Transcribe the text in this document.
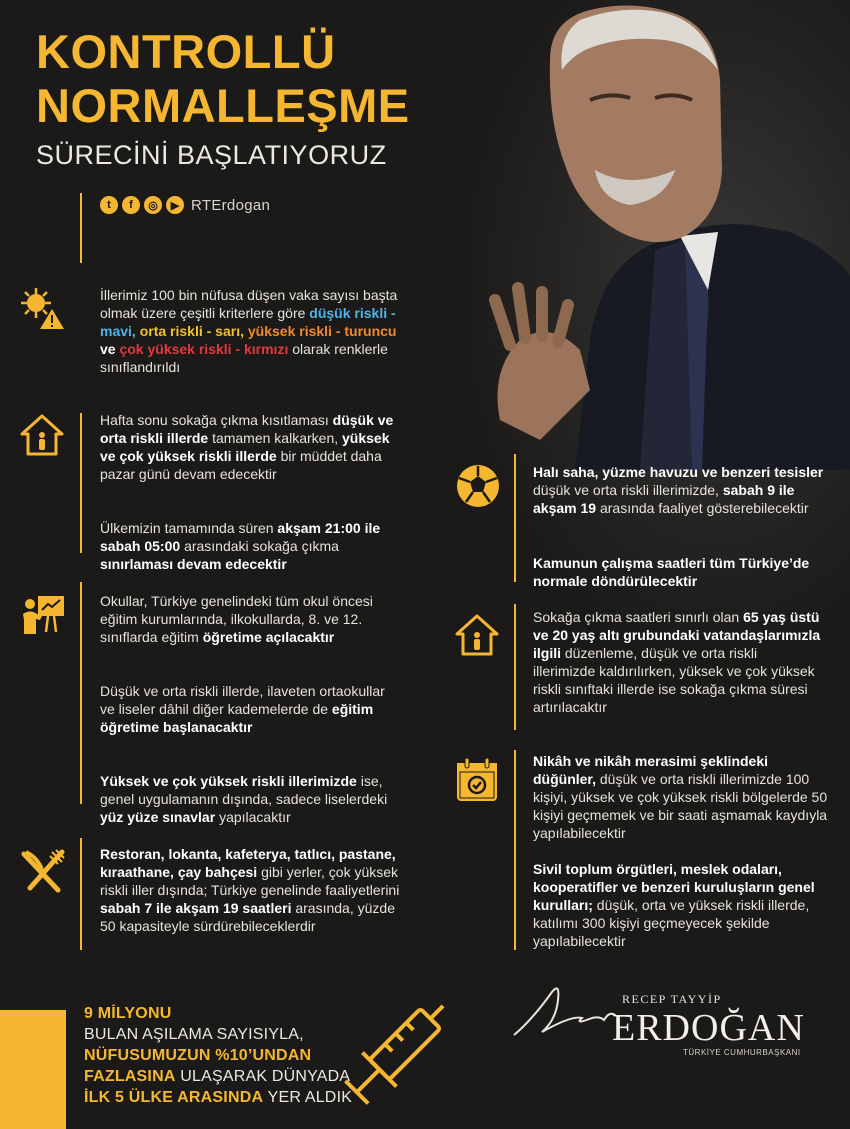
KONTROLLÜ
NORMALLEŞME
SÜRECİNİ BAŞLATIYORUZ
t	f	◎	▶ RTErdogan
İllerimiz 100 bin nüfusa düşen vaka sayısı başta olmak üzere çeşitli kriterlere göre düşük riskli - mavi, orta riskli - sarı, yüksek riskli - turuncu ve çok yüksek riskli - kırmızı olarak renklerle sınıflandırıldı
Hafta sonu sokağa çıkma kısıtlaması düşük ve orta riskli illerde tamamen kalkarken, yüksek ve çok yüksek riskli illerde bir müddet daha pazar günü devam edecektir
Ülkemizin tamamında süren akşam 21:00 ile sabah 05:00 arasındaki sokağa çıkma sınırlaması devam edecektir
Okullar, Türkiye genelindeki tüm okul öncesi eğitim kurumlarında, ilkokullarda, 8. ve 12. sınıflarda eğitim öğretime açılacaktır
Düşük ve orta riskli illerde, ilaveten ortaokullar ve liseler dâhil diğer kademelerde de eğitim öğretime başlanacaktır
Yüksek ve çok yüksek riskli illerimizde ise, genel uygulamanın dışında, sadece liselerdeki yüz yüze sınavlar yapılacaktır
Restoran, lokanta, kafeterya, tatlıcı, pastane, kıraathane, çay bahçesi gibi yerler, çok yüksek riskli iller dışında; Türkiye genelinde faaliyetlerini sabah 7 ile akşam 19 saatleri arasında, yüzde 50 kapasiteyle sürdürebileceklerdir
Halı saha, yüzme havuzu ve benzeri tesisler düşük ve orta riskli illerimizde, sabah 9 ile akşam 19 arasında faaliyet gösterebilecektir
Kamunun çalışma saatleri tüm Türkiye’de normale döndürülecektir
Sokağa çıkma saatleri sınırlı olan 65 yaş üstü ve 20 yaş altı grubundaki vatandaşlarımızla ilgili düzenleme, düşük ve orta riskli illerimizde kaldırılırken, yüksek ve çok yüksek riskli sınıftaki illerde ise sokağa çıkma süresi artırılacaktır
Nikâh ve nikâh merasimi şeklindeki düğünler, düşük ve orta riskli illerimizde 100 kişiyi, yüksek ve çok yüksek riskli bölgelerde 50 kişiyi geçmemek ve bir saati aşmamak kaydıyla yapılabilecektir
Sivil toplum örgütleri, meslek odaları, kooperatifler ve benzeri kuruluşların genel kurulları; düşük, orta ve yüksek riskli illerde, katılımı 300 kişiyi geçmeyecek şekilde yapılabilecektir
9 MİLYONU
BULAN AŞILAMA SAYISIYLA,
NÜFUSUMUZUN %10’UNDAN
FAZLASINA ULAŞARAK DÜNYADA
İLK 5 ÜLKE ARASINDA YER ALDIK
RECEP TAYYİP
ERDOĞAN
TÜRKİYE CUMHURBAŞKANI
